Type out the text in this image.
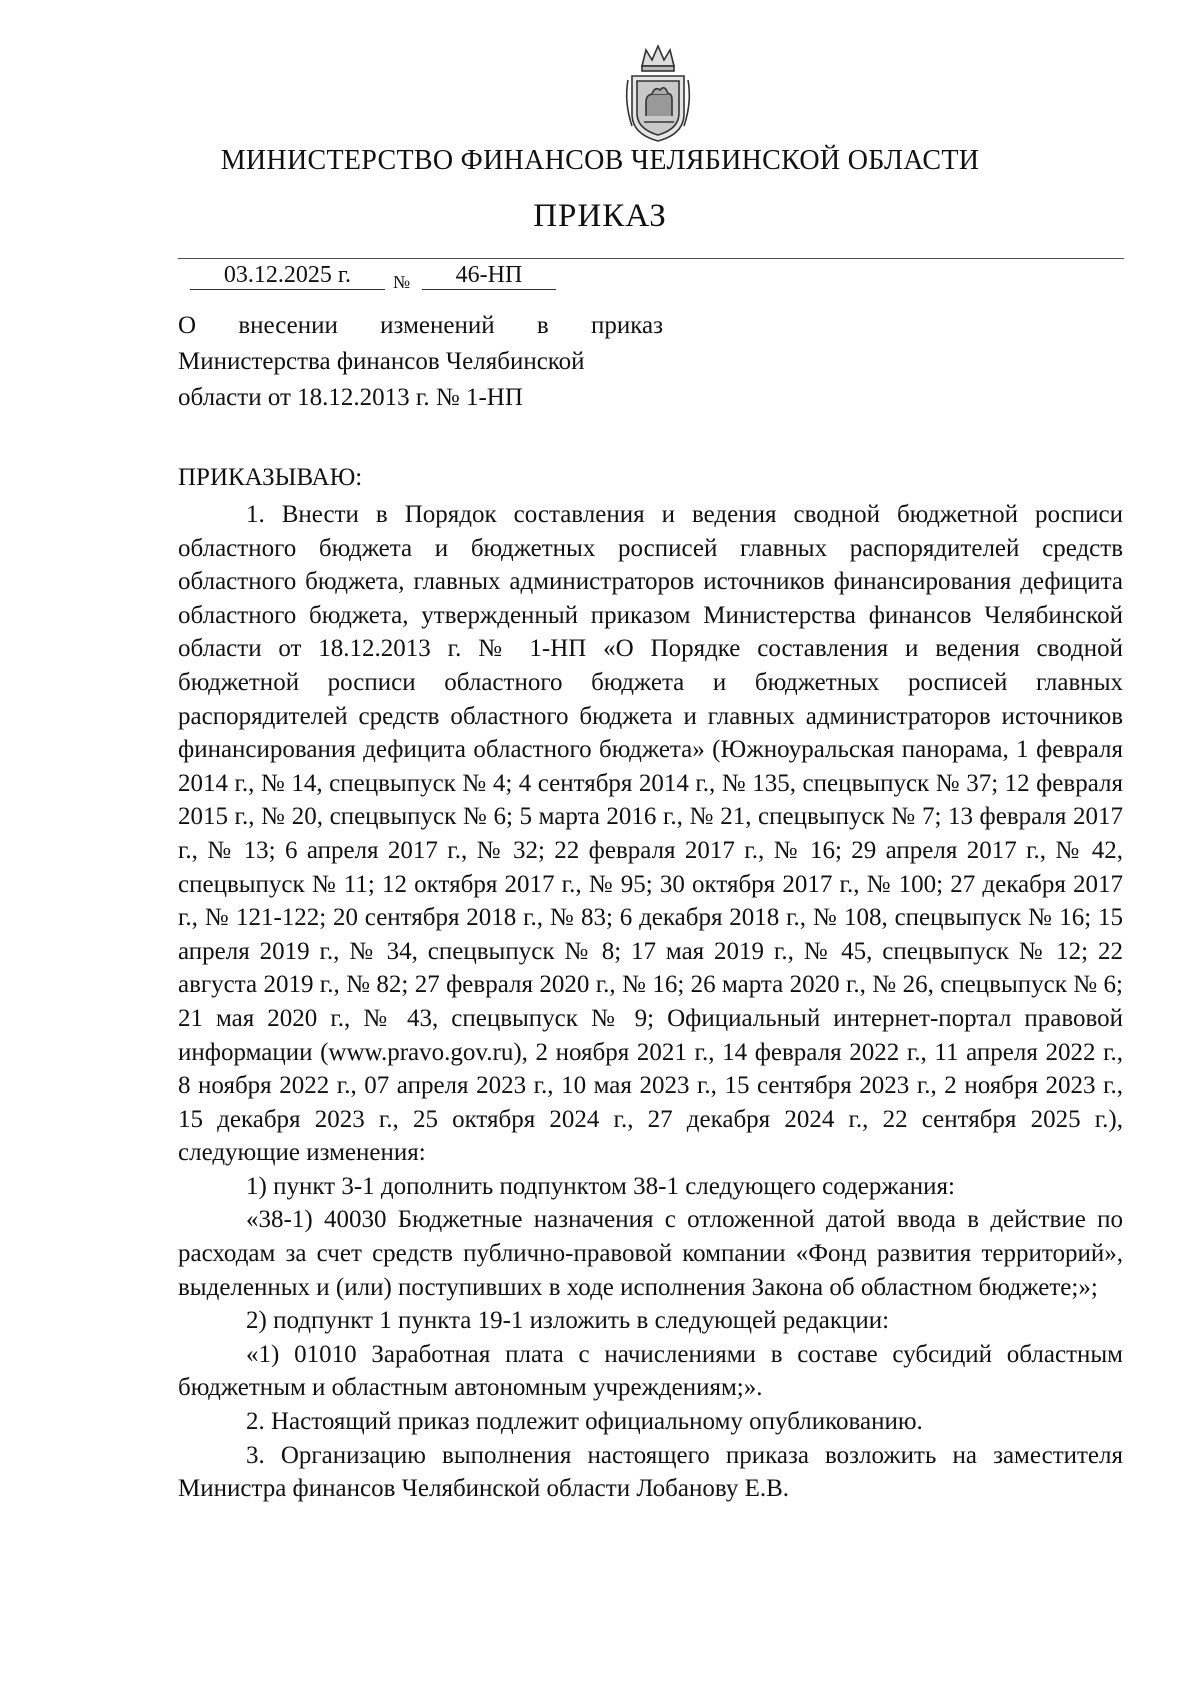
МИНИСТЕРСТВО ФИНАНСОВ ЧЕЛЯБИНСКОЙ ОБЛАСТИ
ПРИКАЗ
03.12.2025 г.	№	46-НП
О внесении изменений в приказ
Министерства финансов Челябинской
области от 18.12.2013 г. № 1-НП
ПРИКАЗЫВАЮ:

1. Внести в Порядок составления и ведения сводной бюджетной росписи областного бюджета и бюджетных росписей главных распорядителей средств областного бюджета, главных администраторов источников финансирования дефицита областного бюджета, утвержденный приказом Министерства финансов Челябинской области от 18.12.2013 г. № 1-НП «О Порядке составления и ведения сводной бюджетной росписи областного бюджета и бюджетных росписей главных распорядителей средств областного бюджета и главных администраторов источников финансирования дефицита областного бюджета» (Южноуральская панорама, 1 февраля 2014 г., № 14, спецвыпуск № 4; 4 сентября 2014 г., № 135, спецвыпуск № 37; 12 февраля 2015 г., № 20, спецвыпуск № 6; 5 марта 2016 г., № 21, спецвыпуск № 7; 13 февраля 2017 г., № 13; 6 апреля 2017 г., № 32; 22 февраля 2017 г., № 16; 29 апреля 2017 г., № 42, спецвыпуск № 11; 12 октября 2017 г., № 95; 30 октября 2017 г., № 100; 27 декабря 2017 г., № 121-122; 20 сентября 2018 г., № 83; 6 декабря 2018 г., № 108, спецвыпуск № 16; 15 апреля 2019 г., № 34, спецвыпуск № 8; 17 мая 2019 г., № 45, спецвыпуск № 12; 22 августа 2019 г., № 82; 27 февраля 2020 г., № 16; 26 марта 2020 г., № 26, спецвыпуск № 6; 21 мая 2020 г., № 43, спецвыпуск № 9; Официальный интернет-портал правовой информации (www.pravo.gov.ru), 2 ноября 2021 г., 14 февраля 2022 г., 11 апреля 2022 г., 8 ноября 2022 г., 07 апреля 2023 г., 10 мая 2023 г., 15 сентября 2023 г., 2 ноября 2023 г., 15 декабря 2023 г., 25 октября 2024 г., 27 декабря 2024 г., 22 сентября 2025 г.), следующие изменения:

1) пункт 3-1 дополнить подпунктом 38-1 следующего содержания:

«38-1) 40030 Бюджетные назначения с отложенной датой ввода в действие по расходам за счет средств публично-правовой компании «Фонд развития территорий», выделенных и (или) поступивших в ходе исполнения Закона об областном бюджете;»;

2) подпункт 1 пункта 19-1 изложить в следующей редакции:

«1) 01010 Заработная плата с начислениями в составе субсидий областным бюджетным и областным автономным учреждениям;».

2. Настоящий приказ подлежит официальному опубликованию.

3. Организацию выполнения настоящего приказа возложить на заместителя Министра финансов Челябинской области Лобанову Е.В.
